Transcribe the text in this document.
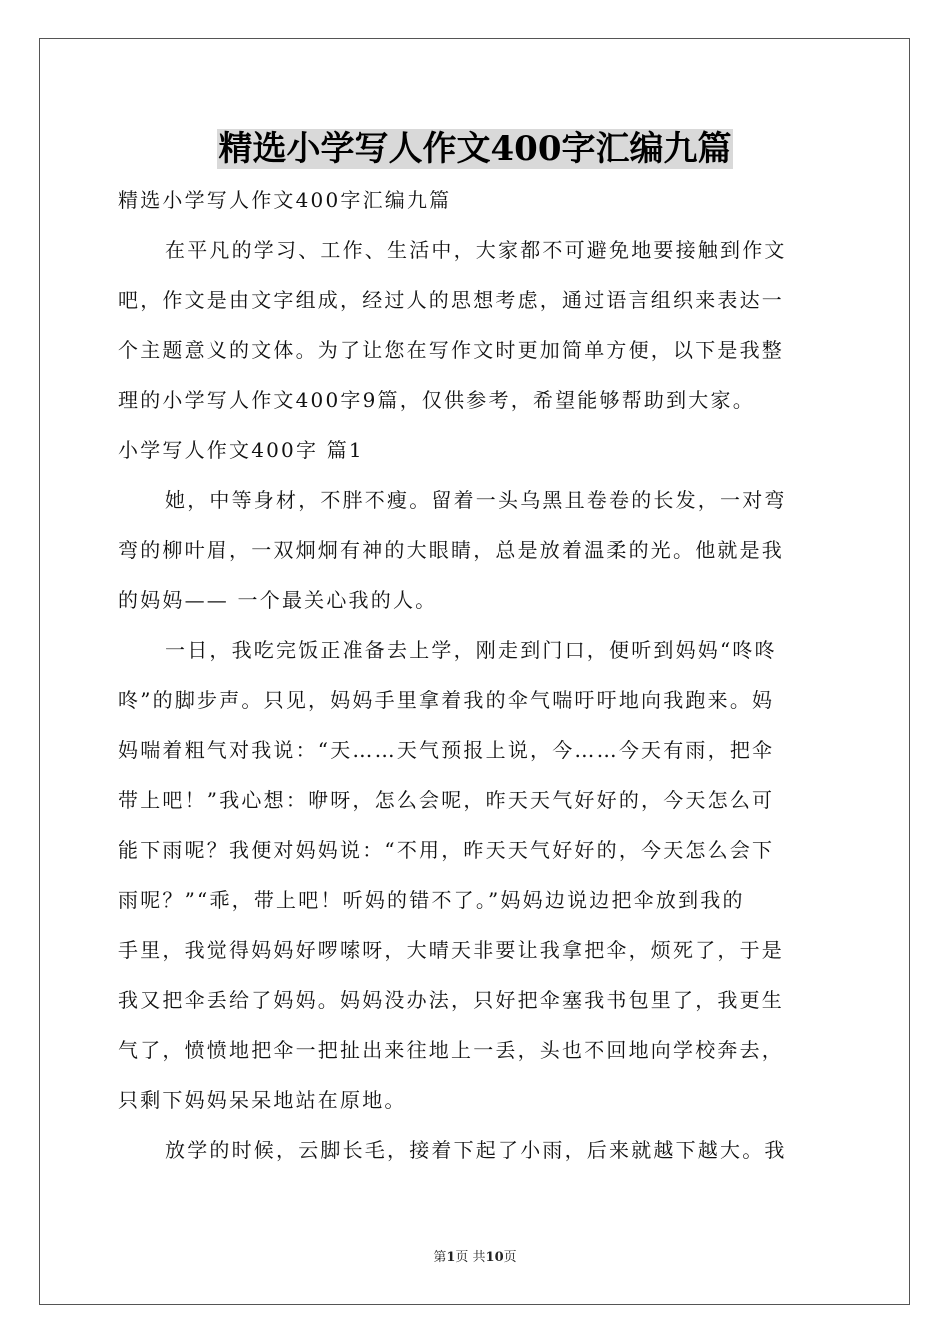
精选小学写人作文400字汇编九篇
精选小学写人作文400字汇编九篇
在平凡的学习、工作、生活中，大家都不可避免地要接触到作文
吧，作文是由文字组成，经过人的思想考虑，通过语言组织来表达一
个主题意义的文体。为了让您在写作文时更加简单方便，以下是我整
理的小学写人作文400字9篇，仅供参考，希望能够帮助到大家。
小学写人作文400字 篇1
她，中等身材，不胖不瘦。留着一头乌黑且卷卷的长发，一对弯
弯的柳叶眉，一双炯炯有神的大眼睛，总是放着温柔的光。他就是我
的妈妈—— 一个最关心我的人。
一日，我吃完饭正准备去上学，刚走到门口，便听到妈妈“咚咚
咚”的脚步声。只见，妈妈手里拿着我的伞气喘吁吁地向我跑来。妈
妈喘着粗气对我说：“天……天气预报上说，今……今天有雨，把伞
带上吧！”我心想：咿呀，怎么会呢，昨天天气好好的，今天怎么可
能下雨呢？我便对妈妈说：“不用，昨天天气好好的，今天怎么会下
雨呢？”“乖，带上吧！听妈的错不了。”妈妈边说边把伞放到我的
手里，我觉得妈妈好啰嗦呀，大晴天非要让我拿把伞，烦死了，于是
我又把伞丢给了妈妈。妈妈没办法，只好把伞塞我书包里了，我更生
气了，愤愤地把伞一把扯出来往地上一丢，头也不回地向学校奔去，
只剩下妈妈呆呆地站在原地。
放学的时候，云脚长毛，接着下起了小雨，后来就越下越大。我
第1页 共10页
